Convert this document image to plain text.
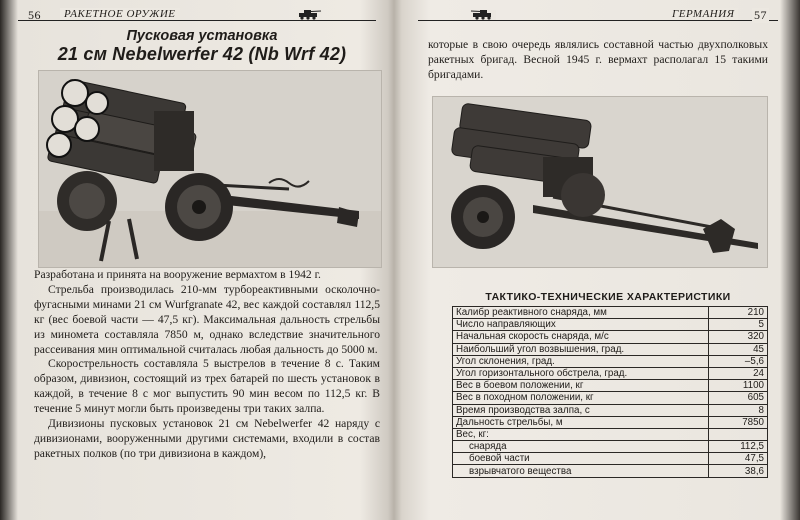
56	РАКЕТНОЕ ОРУЖИЕ
Пусковая установка
21 см Nebelwerfer 42 (Nb Wrf 42)

Разработана и принята на вооружение вермахтом в 1942 г.

Стрельба производилась 210-мм турбореактивными осколочно-фугасными минами 21 см Wurfgranate 42, вес каждой составлял 112,5 кг (вес боевой части — 47,5 кг). Максимальная дальность стрельбы из миномета составляла 7850 м, однако вследствие значительного рассеивания мин оптимальной считалась любая дальность до 5000 м.

Скорострельность составляла 5 выстрелов в течение 8 с. Таким образом, дивизион, состоящий из трех батарей по шесть установок в каждой, в течение 8 с мог выпустить 90 мин весом по 112,5 кг. В течение 5 минут могли быть произведены три таких залпа.

Дивизионы пусковых установок 21 см Nebelwerfer 42 наряду с дивизионами, вооруженными другими системами, входили в состав ракетных полков (по три дивизиона в каждом),

ГЕРМАНИЯ	57
которые в свою очередь являлись составной частью двухполковых ракетных бригад. Весной 1945 г. вермахт располагал 15 такими бригадами.
ТАКТИКО-ТЕХНИЧЕСКИЕ ХАРАКТЕРИСТИКИ
Калибр реактивного снаряда, мм	210
Число направляющих	5
Начальная скорость снаряда, м/с	320
Наибольший угол возвышения, град.	45
Угол склонения, град.	–5,6
Угол горизонтального обстрела, град.	24
Вес в боевом положении, кг	1100
Вес в походном положении, кг	605
Время производства залпа, с	8
Дальность стрельбы, м	7850
Вес, кг:	
снаряда	112,5
боевой части	47,5
взрывчатого вещества	38,6
